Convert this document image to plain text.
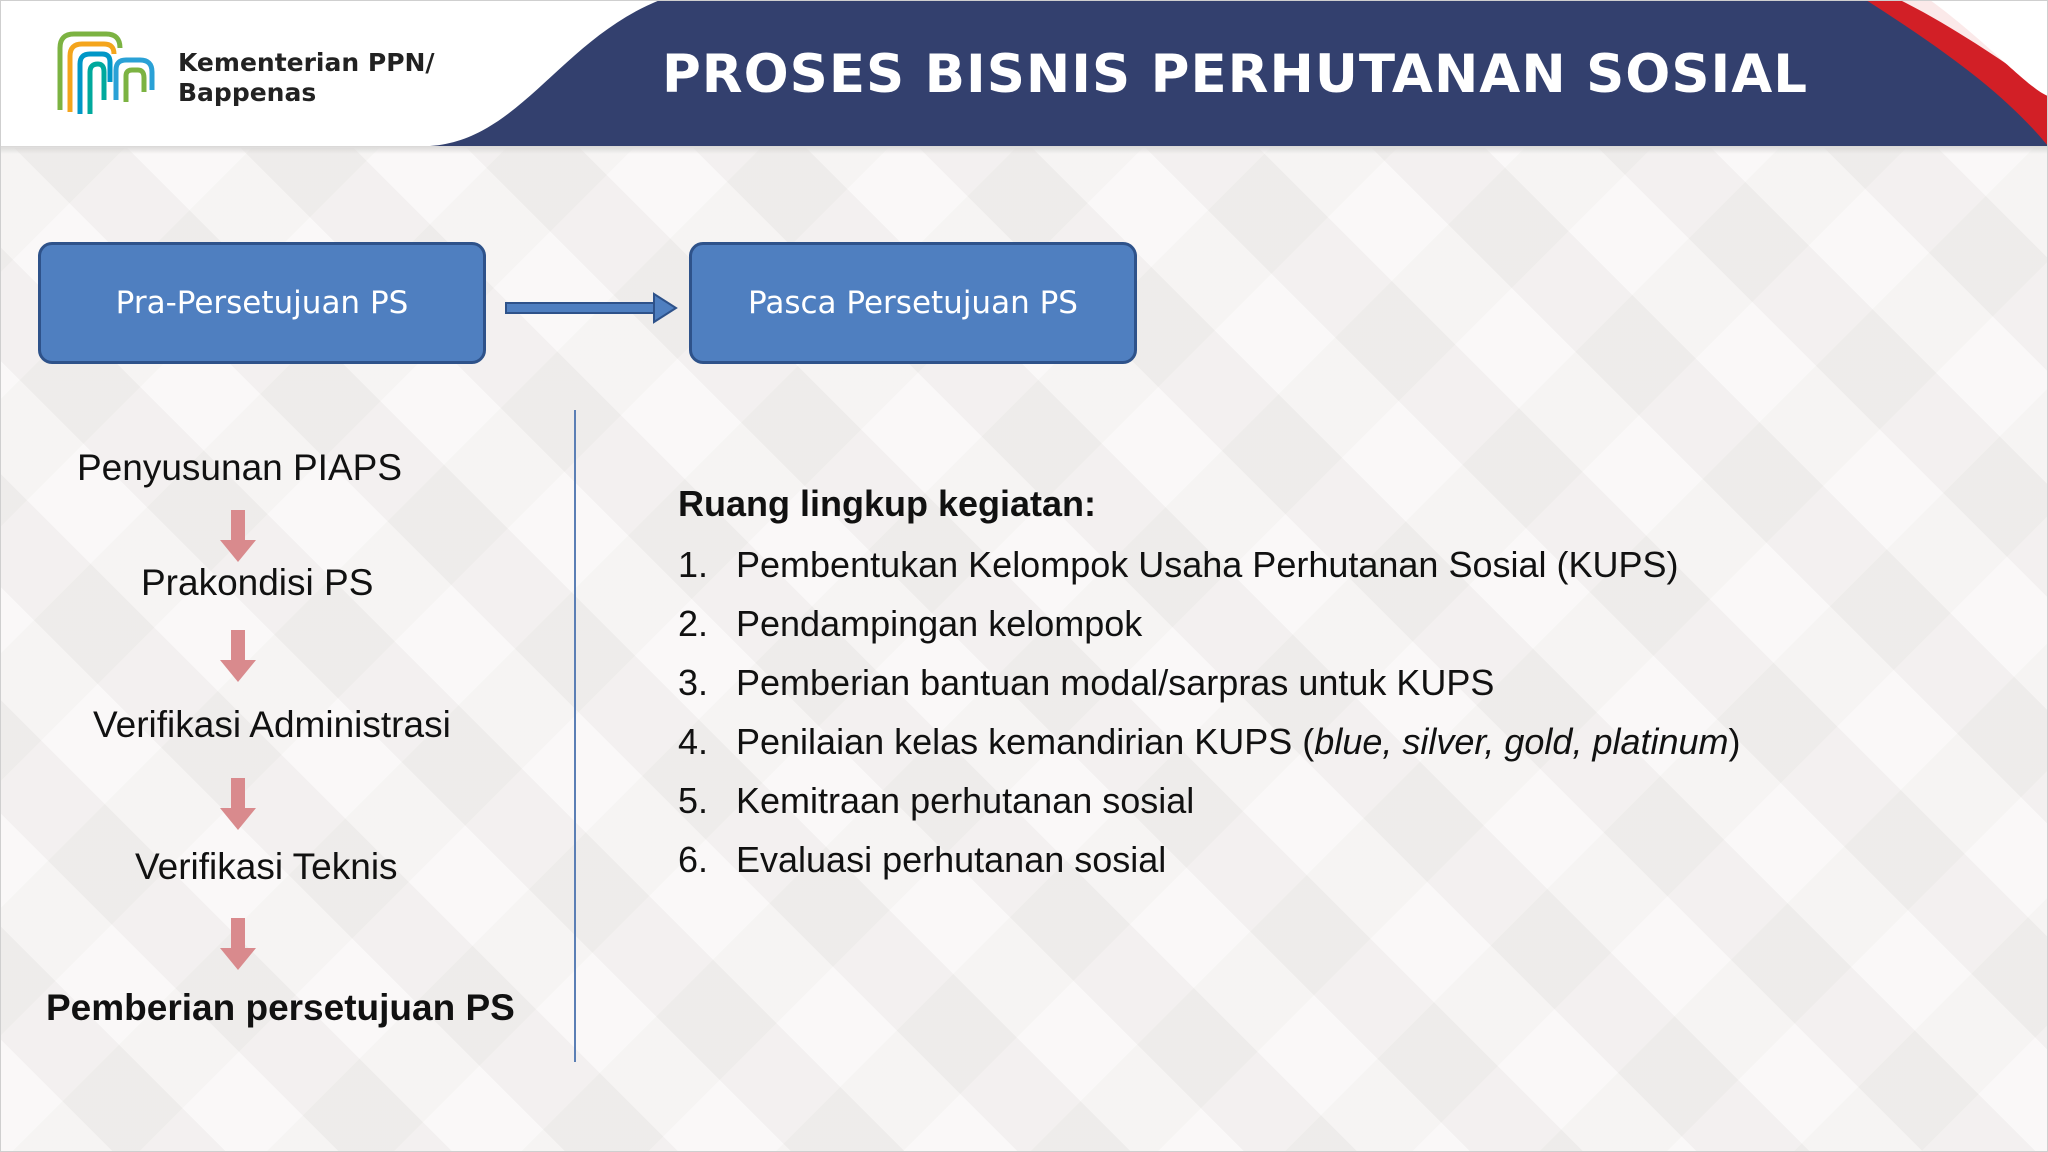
Kementerian PPN/
Bappenas	PROSES BISNIS PERHUTANAN SOSIAL
Pra-Persetujuan PS	Pasca Persetujuan PS
Penyusunan PIAPS
Prakondisi PS
Verifikasi Administrasi
Verifikasi Teknis
Pemberian persetujuan PS
Ruang lingkup kegiatan:
1. Pembentukan Kelompok Usaha Perhutanan Sosial (KUPS)
2. Pendampingan kelompok
3. Pemberian bantuan modal/sarpras untuk KUPS
4. Penilaian kelas kemandirian KUPS (blue, silver, gold, platinum)
5. Kemitraan perhutanan sosial
6. Evaluasi perhutanan sosial
